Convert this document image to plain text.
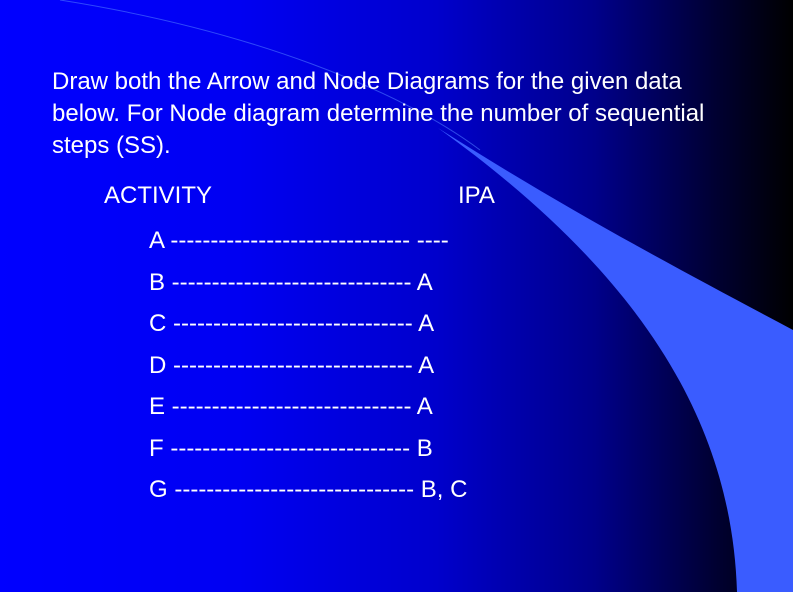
Draw both the Arrow and Node Diagrams for the given data below. For Node diagram determine the number of sequential steps (SS).

ACTIVITY	IPA
A ------------------------------ ----
B ------------------------------ A
C ------------------------------ A
D ------------------------------ A
E ------------------------------ A
F ------------------------------ B
G ------------------------------ B, C
